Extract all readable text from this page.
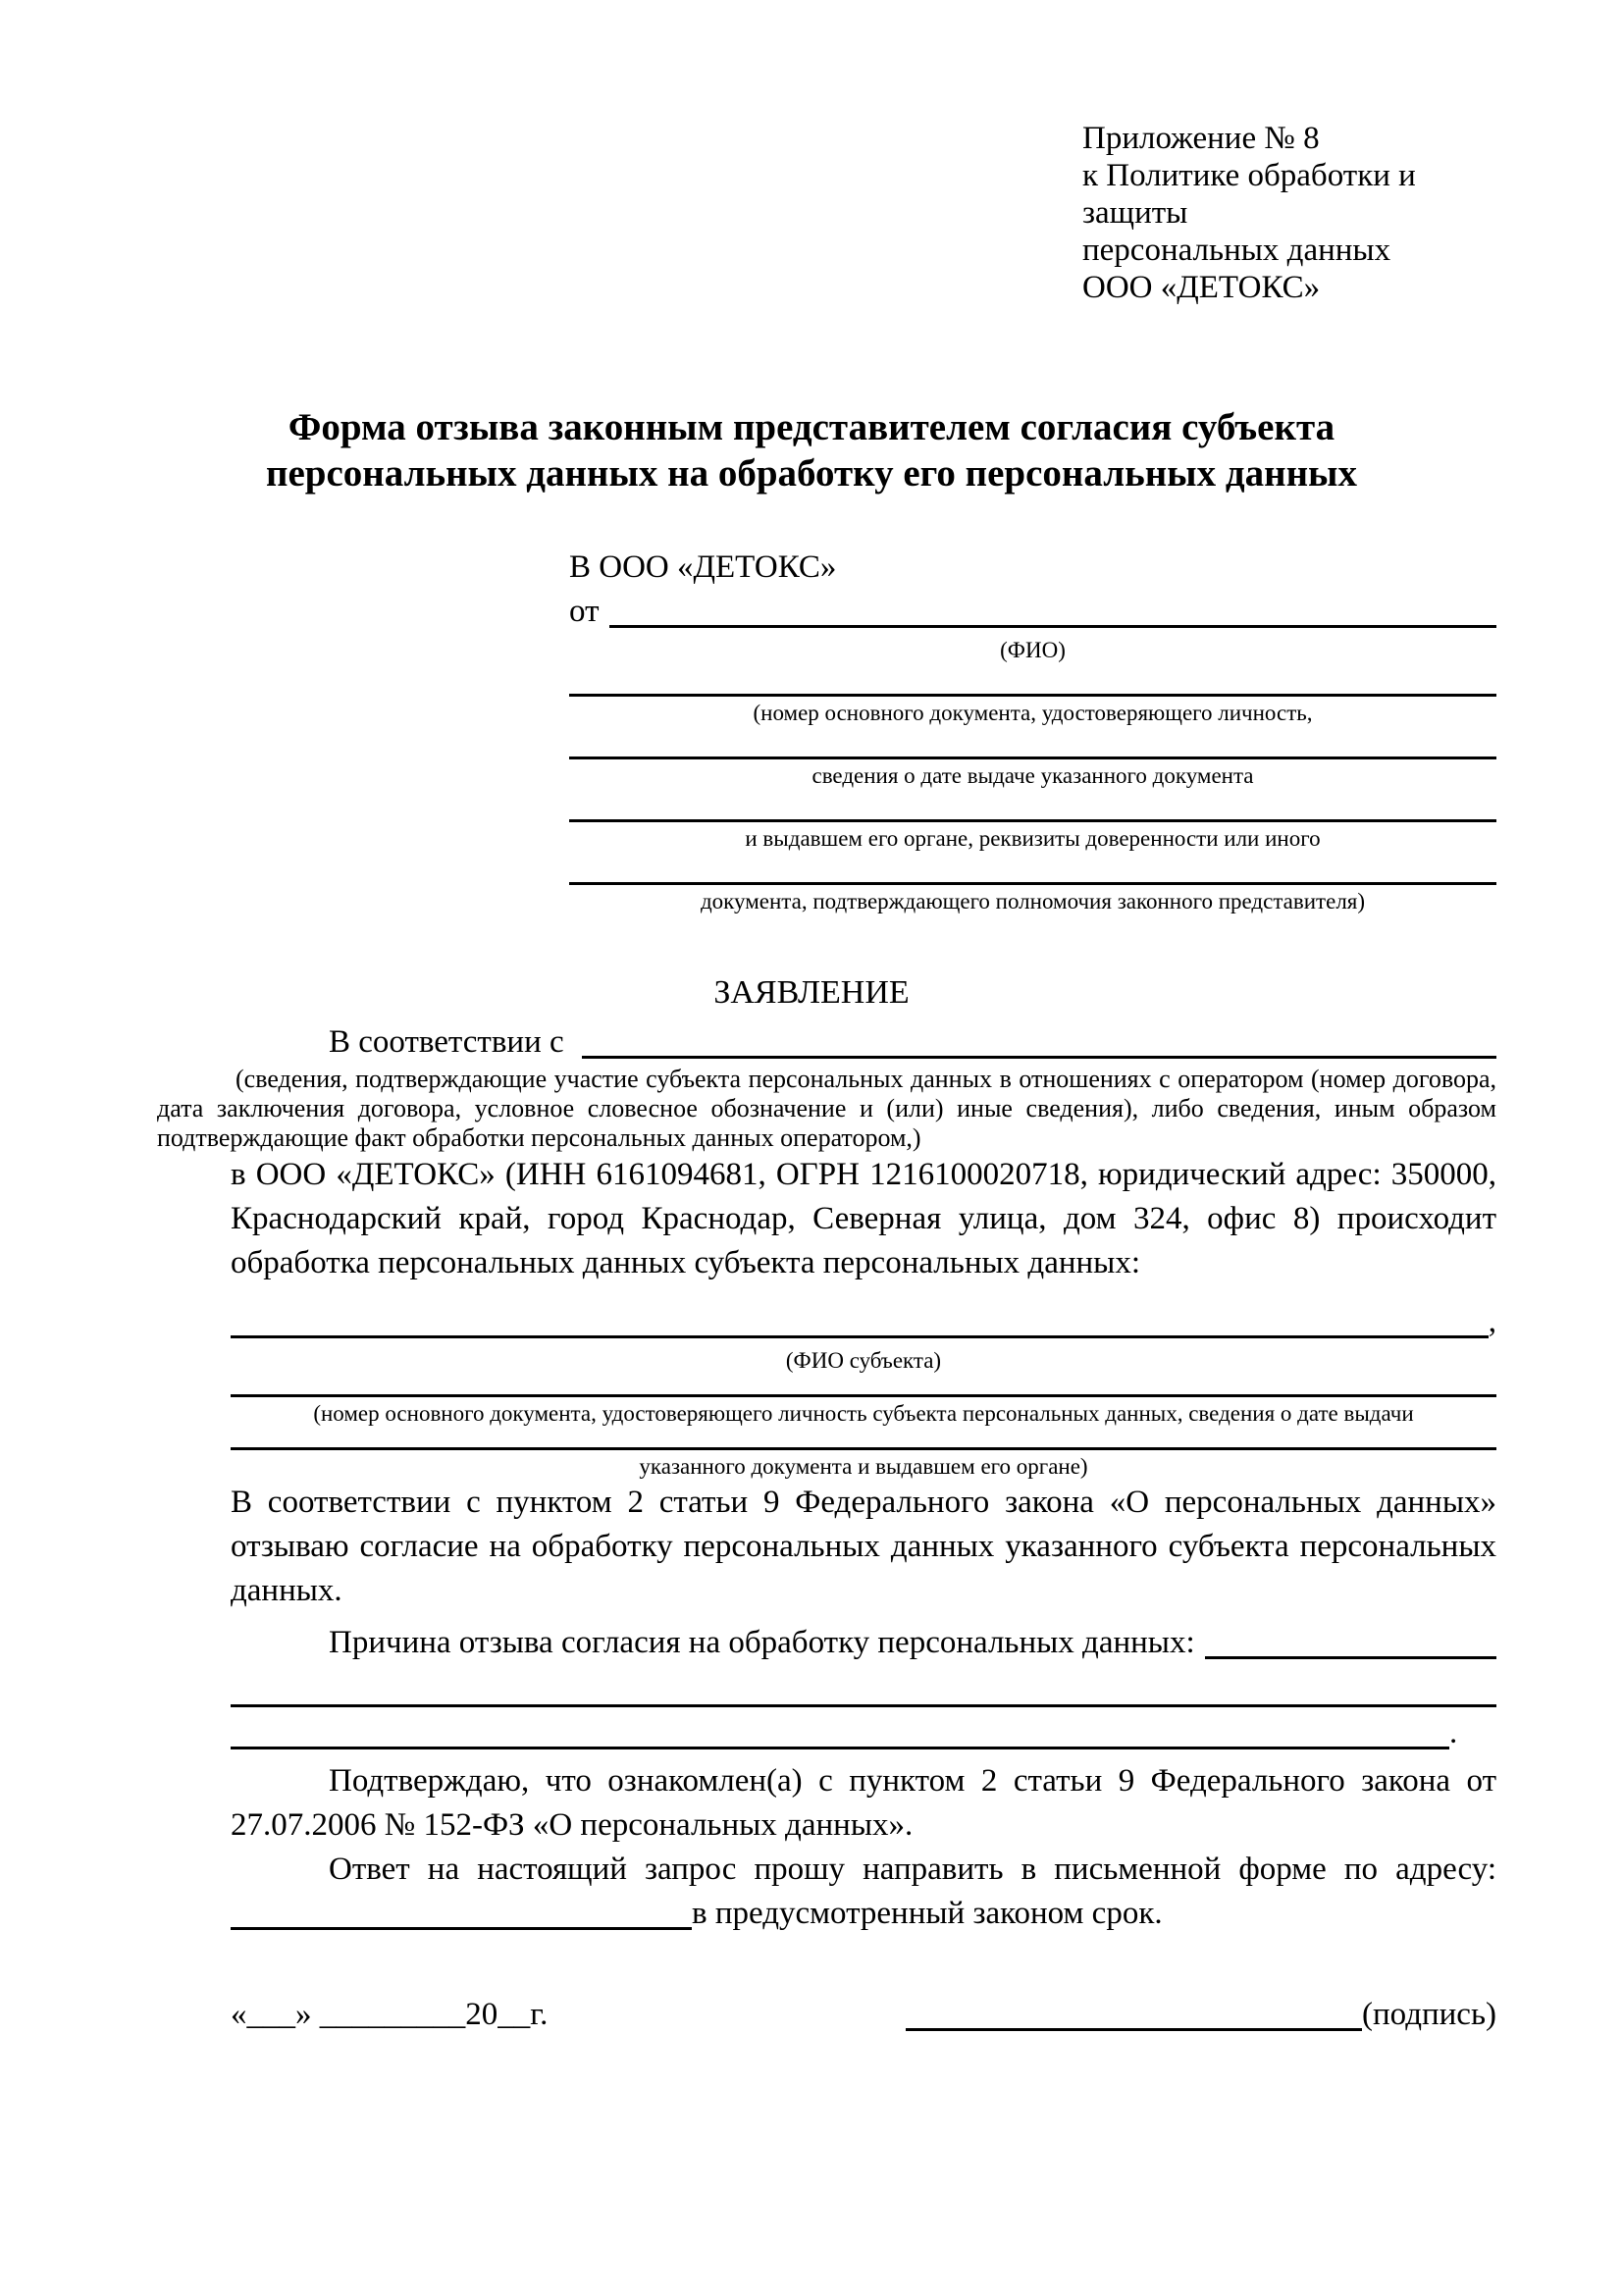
Приложение № 8
к Политике обработки и защиты
персональных данных
ООО «ДЕТОКС»
Форма отзыва законным представителем согласия субъекта
персональных данных на обработку его персональных данных
В ООО «ДЕТОКС»
от
(ФИО)
(номер основного документа, удостоверяющего личность,
сведения о дате выдаче указанного документа
и выдавшем его органе, реквизиты доверенности или иного
документа, подтверждающего полномочия законного представителя)
ЗАЯВЛЕНИЕ
В соответствии с
(сведения, подтверждающие участие субъекта персональных данных в отношениях с оператором (номер договора, дата заключения договора, условное словесное обозначение и (или) иные сведения), либо сведения, иным образом подтверждающие факт обработки персональных данных оператором,)

в ООО «ДЕТОКС» (ИНН 6161094681, ОГРН 1216100020718, юридический адрес: 350000, Краснодарский край, город Краснодар, Северная улица, дом 324, офис 8) происходит обработка персональных данных субъекта персональных данных:

,
(ФИО субъекта)
(номер основного документа, удостоверяющего личность субъекта персональных данных, сведения о дате выдачи
указанного документа и выдавшем его органе)

В соответствии с пунктом 2 статьи 9 Федерального закона «О персональных данных» отзываю согласие на обработку персональных данных указанного субъекта персональных данных.

Причина отзыва согласия на обработку персональных данных:
.

Подтверждаю, что ознакомлен(а) с пунктом 2 статьи 9 Федерального закона от 27.07.2006 № 152-ФЗ «О персональных данных».

Ответ на настоящий запрос прошу направить в письменной форме по адресу:
в предусмотренный законом срок.
«___» _________20__г.	(подпись)
